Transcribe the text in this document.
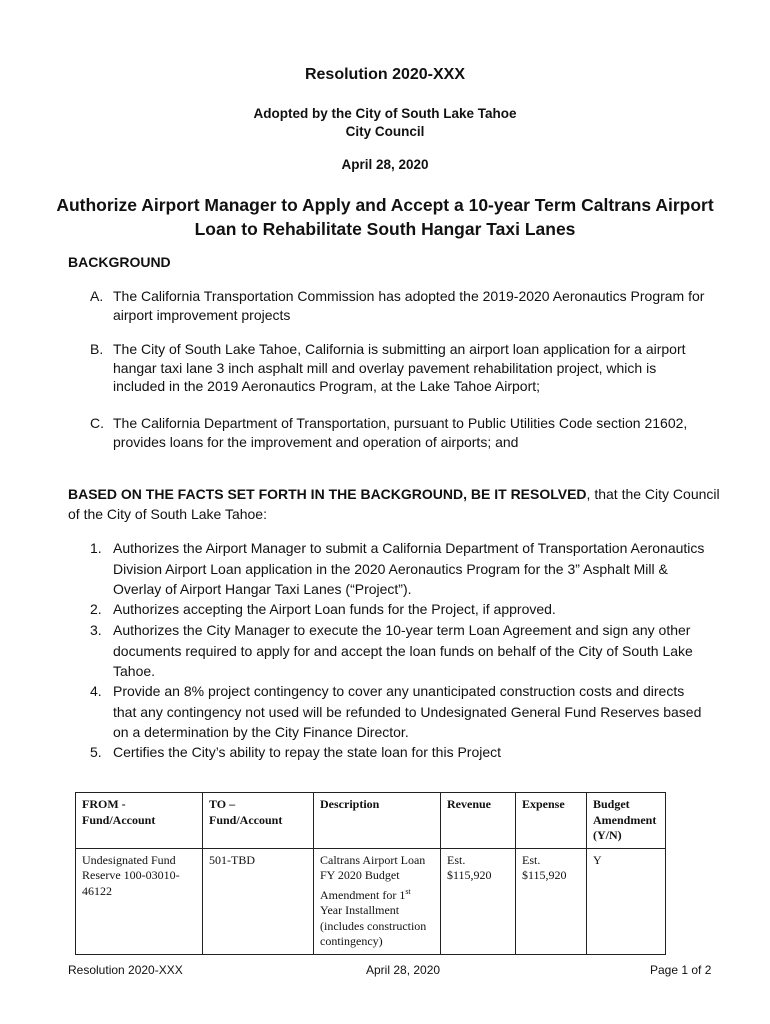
Resolution 2020-XXX
Adopted by the City of South Lake Tahoe
City Council
April 28, 2020
Authorize Airport Manager to Apply and Accept a 10-year Term Caltrans Airport
Loan to Rehabilitate South Hangar Taxi Lanes
BACKGROUND
A. The California Transportation Commission has adopted the 2019-2020 Aeronautics Program for airport improvement projects
B. The City of South Lake Tahoe, California is submitting an airport loan application for a airport hangar taxi lane 3 inch asphalt mill and overlay pavement rehabilitation project, which is included in the 2019 Aeronautics Program, at the Lake Tahoe Airport;
C. The California Department of Transportation, pursuant to Public Utilities Code section 21602, provides loans for the improvement and operation of airports; and
BASED ON THE FACTS SET FORTH IN THE BACKGROUND, BE IT RESOLVED, that the City Council of the City of South Lake Tahoe:
1. Authorizes the Airport Manager to submit a California Department of Transportation Aeronautics Division Airport Loan application in the 2020 Aeronautics Program for the 3” Asphalt Mill & Overlay of Airport Hangar Taxi Lanes (“Project”).
2. Authorizes accepting the Airport Loan funds for the Project, if approved.
3. Authorizes the City Manager to execute the 10-year term Loan Agreement and sign any other documents required to apply for and accept the loan funds on behalf of the City of South Lake Tahoe.
4. Provide an 8% project contingency to cover any unanticipated construction costs and directs that any contingency not used will be refunded to Undesignated General Fund Reserves based on a determination by the City Finance Director.
5. Certifies the City’s ability to repay the state loan for this Project
FROM - Fund/Account	TO – Fund/Account	Description	Revenue	Expense	Budget Amendment (Y/N)
Undesignated Fund Reserve 100-03010-46122	501-TBD	Caltrans Airport Loan FY 2020 Budget Amendment for 1st Year Installment (includes construction contingency)	Est. $115,920	Est. $115,920	Y
Resolution 2020-XXX	April 28, 2020	Page 1 of 2
